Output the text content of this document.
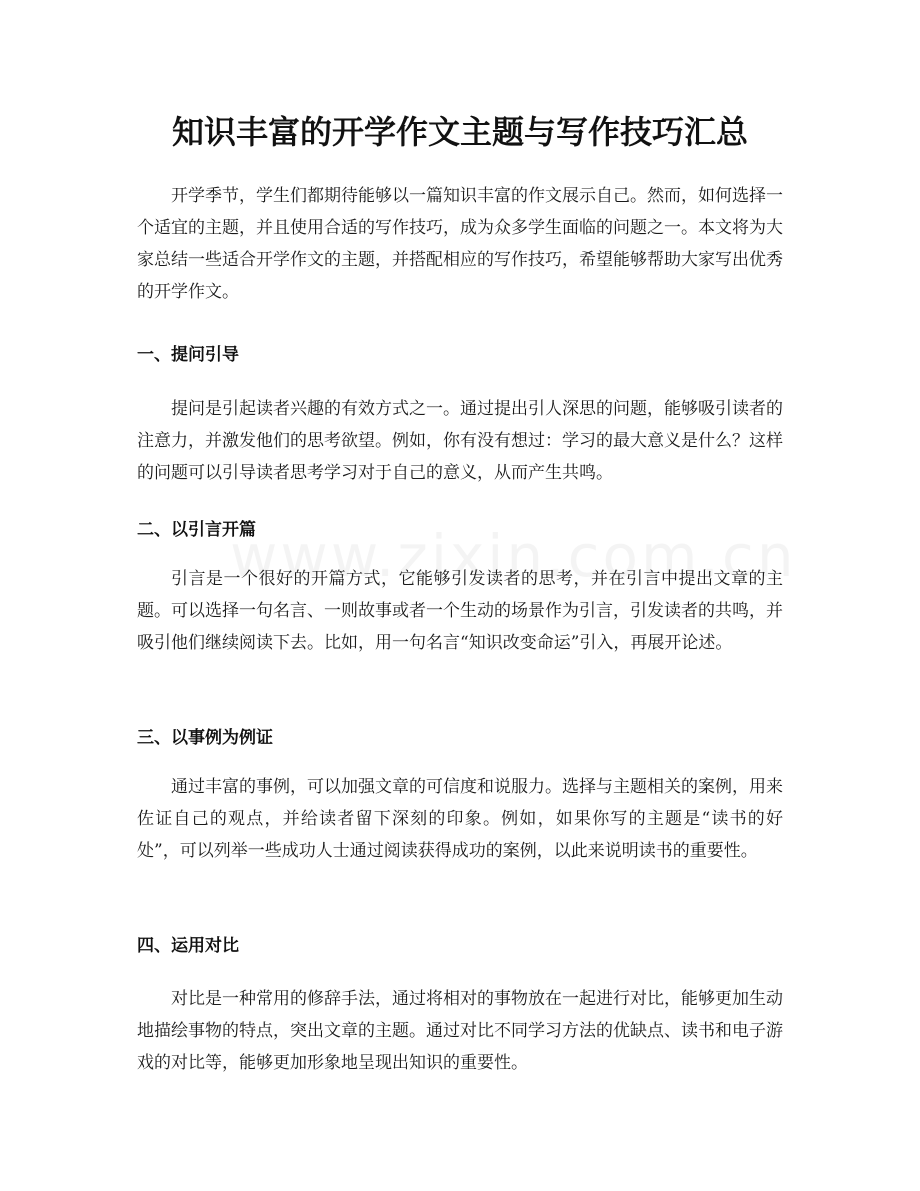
知识丰富的开学作文主题与写作技巧汇总

开学季节，学生们都期待能够以一篇知识丰富的作文展示自己。然而，如何选择一个适宜的主题，并且使用合适的写作技巧，成为众多学生面临的问题之一。本文将为大家总结一些适合开学作文的主题，并搭配相应的写作技巧，希望能够帮助大家写出优秀的开学作文。

一、提问引导

提问是引起读者兴趣的有效方式之一。通过提出引人深思的问题，能够吸引读者的注意力，并激发他们的思考欲望。例如，你有没有想过：学习的最大意义是什么？这样的问题可以引导读者思考学习对于自己的意义，从而产生共鸣。

二、以引言开篇

引言是一个很好的开篇方式，它能够引发读者的思考，并在引言中提出文章的主题。可以选择一句名言、一则故事或者一个生动的场景作为引言，引发读者的共鸣，并吸引他们继续阅读下去。比如，用一句名言“知识改变命运”引入，再展开论述。

三、以事例为例证

通过丰富的事例，可以加强文章的可信度和说服力。选择与主题相关的案例，用来佐证自己的观点，并给读者留下深刻的印象。例如，如果你写的主题是“读书的好处”，可以列举一些成功人士通过阅读获得成功的案例，以此来说明读书的重要性。

四、运用对比

对比是一种常用的修辞手法，通过将相对的事物放在一起进行对比，能够更加生动地描绘事物的特点，突出文章的主题。通过对比不同学习方法的优缺点、读书和电子游戏的对比等，能够更加形象地呈现出知识的重要性。
